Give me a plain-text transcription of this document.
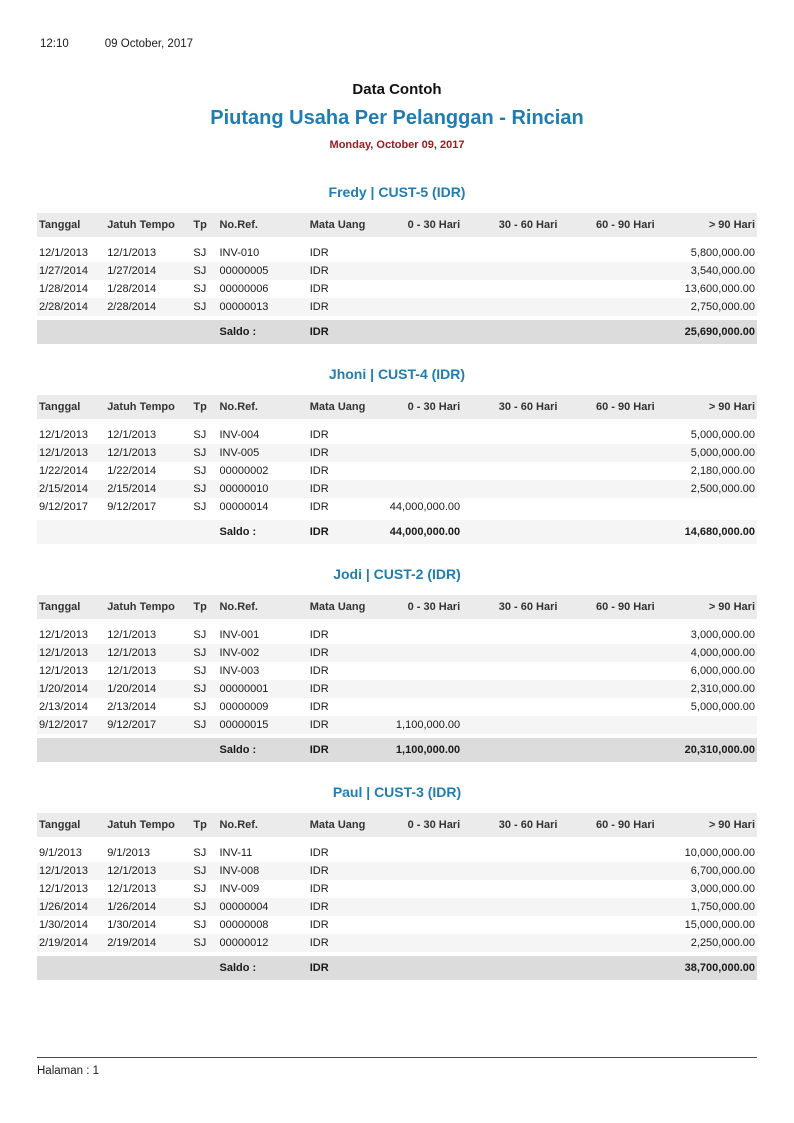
12:10	09 October, 2017
Data Contoh
Piutang Usaha Per Pelanggan - Rincian
Monday, October 09, 2017
Fredy | CUST-5 (IDR)
Tanggal	Jatuh Tempo	Tp	No.Ref.	Mata Uang	0 - 30 Hari	30 - 60 Hari	60 - 90 Hari	> 90 Hari
12/1/2013	12/1/2013	SJ	INV-010	IDR				5,800,000.00
1/27/2014	1/27/2014	SJ	00000005	IDR				3,540,000.00
1/28/2014	1/28/2014	SJ	00000006	IDR				13,600,000.00
2/28/2014	2/28/2014	SJ	00000013	IDR				2,750,000.00
			Saldo :	IDR				25,690,000.00
Jhoni | CUST-4 (IDR)
Tanggal	Jatuh Tempo	Tp	No.Ref.	Mata Uang	0 - 30 Hari	30 - 60 Hari	60 - 90 Hari	> 90 Hari
12/1/2013	12/1/2013	SJ	INV-004	IDR				5,000,000.00
12/1/2013	12/1/2013	SJ	INV-005	IDR				5,000,000.00
1/22/2014	1/22/2014	SJ	00000002	IDR				2,180,000.00
2/15/2014	2/15/2014	SJ	00000010	IDR				2,500,000.00
9/12/2017	9/12/2017	SJ	00000014	IDR	44,000,000.00			
			Saldo :	IDR	44,000,000.00			14,680,000.00
Jodi | CUST-2 (IDR)
Tanggal	Jatuh Tempo	Tp	No.Ref.	Mata Uang	0 - 30 Hari	30 - 60 Hari	60 - 90 Hari	> 90 Hari
12/1/2013	12/1/2013	SJ	INV-001	IDR				3,000,000.00
12/1/2013	12/1/2013	SJ	INV-002	IDR				4,000,000.00
12/1/2013	12/1/2013	SJ	INV-003	IDR				6,000,000.00
1/20/2014	1/20/2014	SJ	00000001	IDR				2,310,000.00
2/13/2014	2/13/2014	SJ	00000009	IDR				5,000,000.00
9/12/2017	9/12/2017	SJ	00000015	IDR	1,100,000.00			
			Saldo :	IDR	1,100,000.00			20,310,000.00
Paul | CUST-3 (IDR)
Tanggal	Jatuh Tempo	Tp	No.Ref.	Mata Uang	0 - 30 Hari	30 - 60 Hari	60 - 90 Hari	> 90 Hari
9/1/2013	9/1/2013	SJ	INV-11	IDR				10,000,000.00
12/1/2013	12/1/2013	SJ	INV-008	IDR				6,700,000.00
12/1/2013	12/1/2013	SJ	INV-009	IDR				3,000,000.00
1/26/2014	1/26/2014	SJ	00000004	IDR				1,750,000.00
1/30/2014	1/30/2014	SJ	00000008	IDR				15,000,000.00
2/19/2014	2/19/2014	SJ	00000012	IDR				2,250,000.00
			Saldo :	IDR				38,700,000.00
Halaman : 1
